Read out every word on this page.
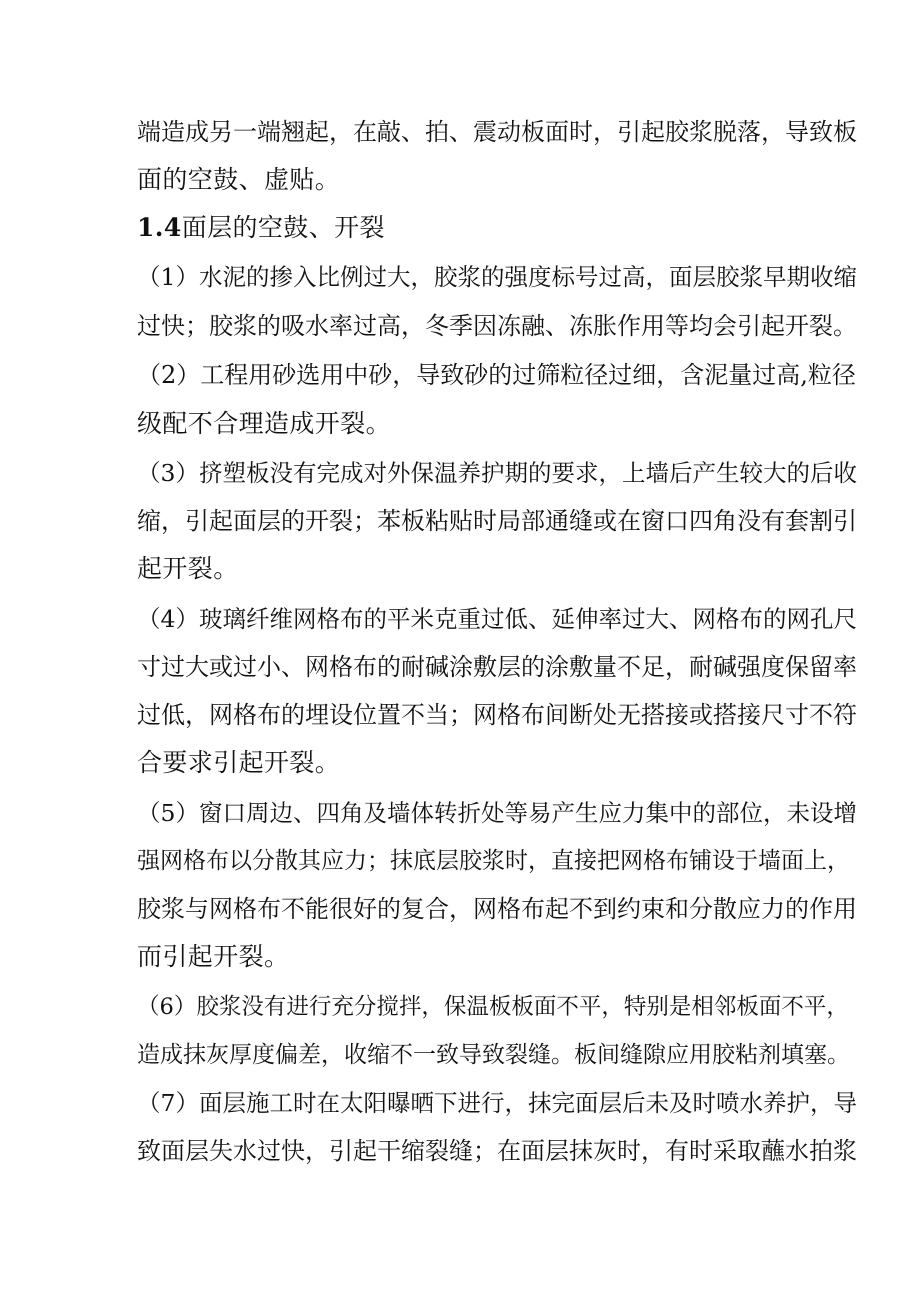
端造成另一端翘起，在敲、拍、震动板面时，引起胶浆脱落，导致板
面的空鼓、虚贴。
1.4面层的空鼓、开裂
（1）水泥的掺入比例过大，胶浆的强度标号过高，面层胶浆早期收缩
过快；胶浆的吸水率过高，冬季因冻融、冻胀作用等均会引起开裂。
（2）工程用砂选用中砂，导致砂的过筛粒径过细，含泥量过高,粒径
级配不合理造成开裂。
（3）挤塑板没有完成对外保温养护期的要求，上墙后产生较大的后收
缩，引起面层的开裂；苯板粘贴时局部通缝或在窗口四角没有套割引
起开裂。
（4）玻璃纤维网格布的平米克重过低、延伸率过大、网格布的网孔尺
寸过大或过小、网格布的耐碱涂敷层的涂敷量不足，耐碱强度保留率
过低，网格布的埋设位置不当；网格布间断处无搭接或搭接尺寸不符
合要求引起开裂。
（5）窗口周边、四角及墙体转折处等易产生应力集中的部位，未设增
强网格布以分散其应力；抹底层胶浆时，直接把网格布铺设于墙面上，
胶浆与网格布不能很好的复合，网格布起不到约束和分散应力的作用
而引起开裂。
（6）胶浆没有进行充分搅拌，保温板板面不平，特别是相邻板面不平，
造成抹灰厚度偏差，收缩不一致导致裂缝。板间缝隙应用胶粘剂填塞。
（7）面层施工时在太阳曝晒下进行，抹完面层后未及时喷水养护，导
致面层失水过快，引起干缩裂缝；在面层抹灰时，有时采取蘸水拍浆
